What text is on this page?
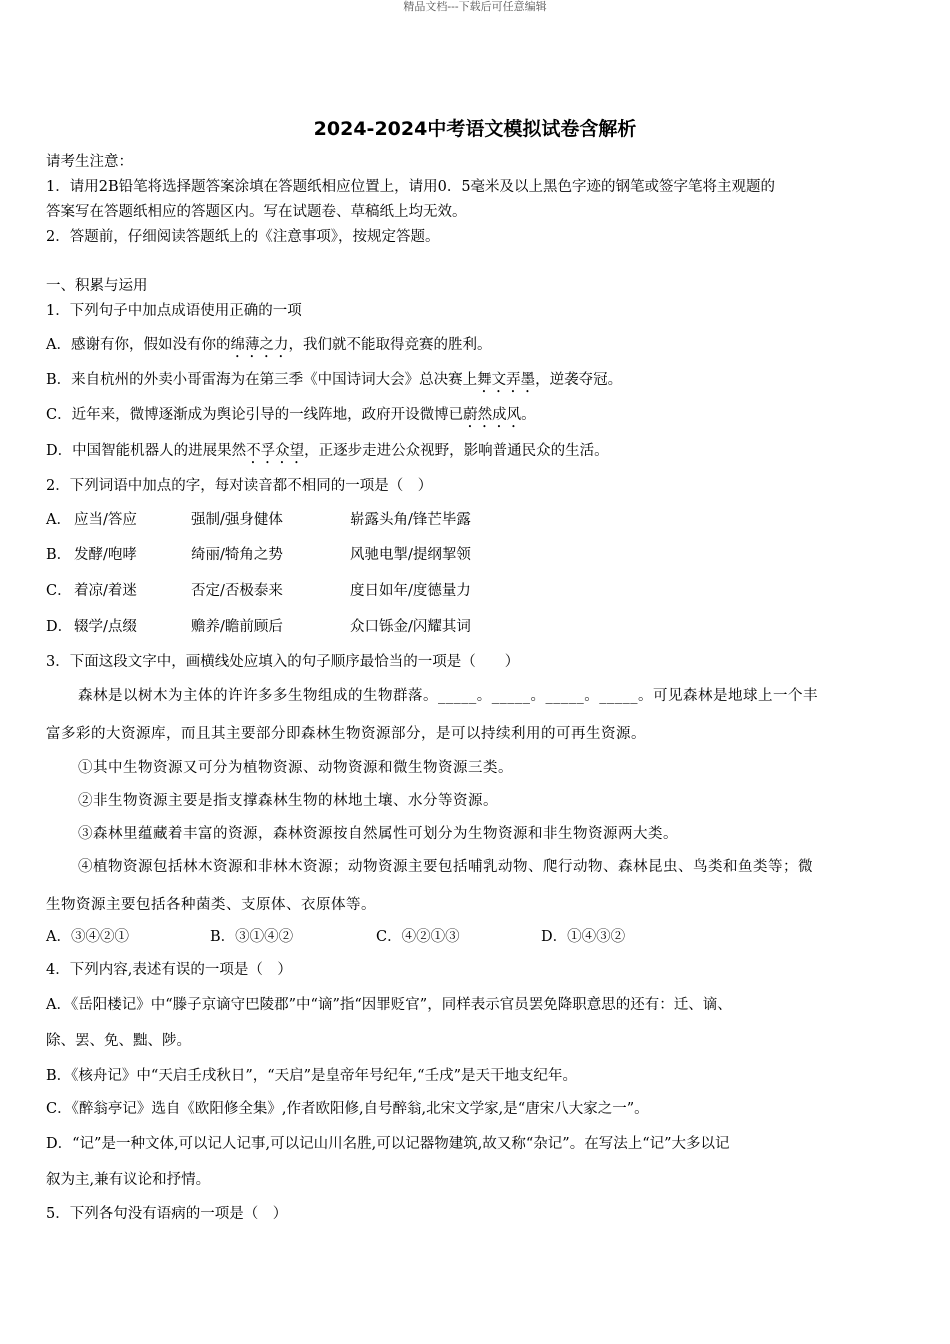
精品文档---下载后可任意编辑
2024-2024中考语文模拟试卷含解析
请考生注意：
1．请用2B铅笔将选择题答案涂填在答题纸相应位置上，请用0．5毫米及以上黑色字迹的钢笔或签字笔将主观题的
答案写在答题纸相应的答题区内。写在试题卷、草稿纸上均无效。
2．答题前，仔细阅读答题纸上的《注意事项》，按规定答题。
一、积累与运用
1．下列句子中加点成语使用正确的一项
A．感谢有你，假如没有你的绵薄之力，我们就不能取得竞赛的胜利。
B．来自杭州的外卖小哥雷海为在第三季《中国诗词大会》总决赛上舞文弄墨，逆袭夺冠。
C．近年来，微博逐渐成为舆论引导的一线阵地，政府开设微博已蔚然成风。
D．中国智能机器人的进展果然不孚众望，正逐步走进公众视野，影响普通民众的生活。
2．下列词语中加点的字，每对读音都不相同的一项是（　）
A． 应当/答应	强制/强身健体	崭露头角/锋芒毕露
B． 发酵/咆哮	绮丽/犄角之势	风驰电掣/提纲挈领
C． 着凉/着迷	否定/否极泰来	度日如年/度德量力
D． 辍学/点缀	赡养/瞻前顾后	众口铄金/闪耀其词
3．下面这段文字中，画横线处应填入的句子顺序最恰当的一项是（　　）
森林是以树木为主体的许许多多生物组成的生物群落。_____。_____。_____。_____。可见森林是地球上一个丰
富多彩的大资源库，而且其主要部分即森林生物资源部分，是可以持续利用的可再生资源。
①其中生物资源又可分为植物资源、动物资源和微生物资源三类。
②非生物资源主要是指支撑森林生物的林地土壤、水分等资源。
③森林里蕴藏着丰富的资源，森林资源按自然属性可划分为生物资源和非生物资源两大类。
④植物资源包括林木资源和非林木资源；动物资源主要包括哺乳动物、爬行动物、森林昆虫、鸟类和鱼类等；微
生物资源主要包括各种菌类、支原体、衣原体等。
A．③④②①	B．③①④②	C．④②①③	D．①④③②
4．下列内容,表述有误的一项是（　）
A．《岳阳楼记》中“滕子京谪守巴陵郡”中“谪”指“因罪贬官”，同样表示官员罢免降职意思的还有：迁、谪、
除、罢、免、黜、陟。
B．《核舟记》中“天启壬戌秋日”，“天启”是皇帝年号纪年,“壬戌”是天干地支纪年。
C．《醉翁亭记》选自《欧阳修全集》,作者欧阳修,自号醉翁,北宋文学家,是“唐宋八大家之一”。
D．“记”是一种文体,可以记人记事,可以记山川名胜,可以记器物建筑,故又称“杂记”。在写法上“记”大多以记
叙为主,兼有议论和抒情。
5．下列各句没有语病的一项是（　）
